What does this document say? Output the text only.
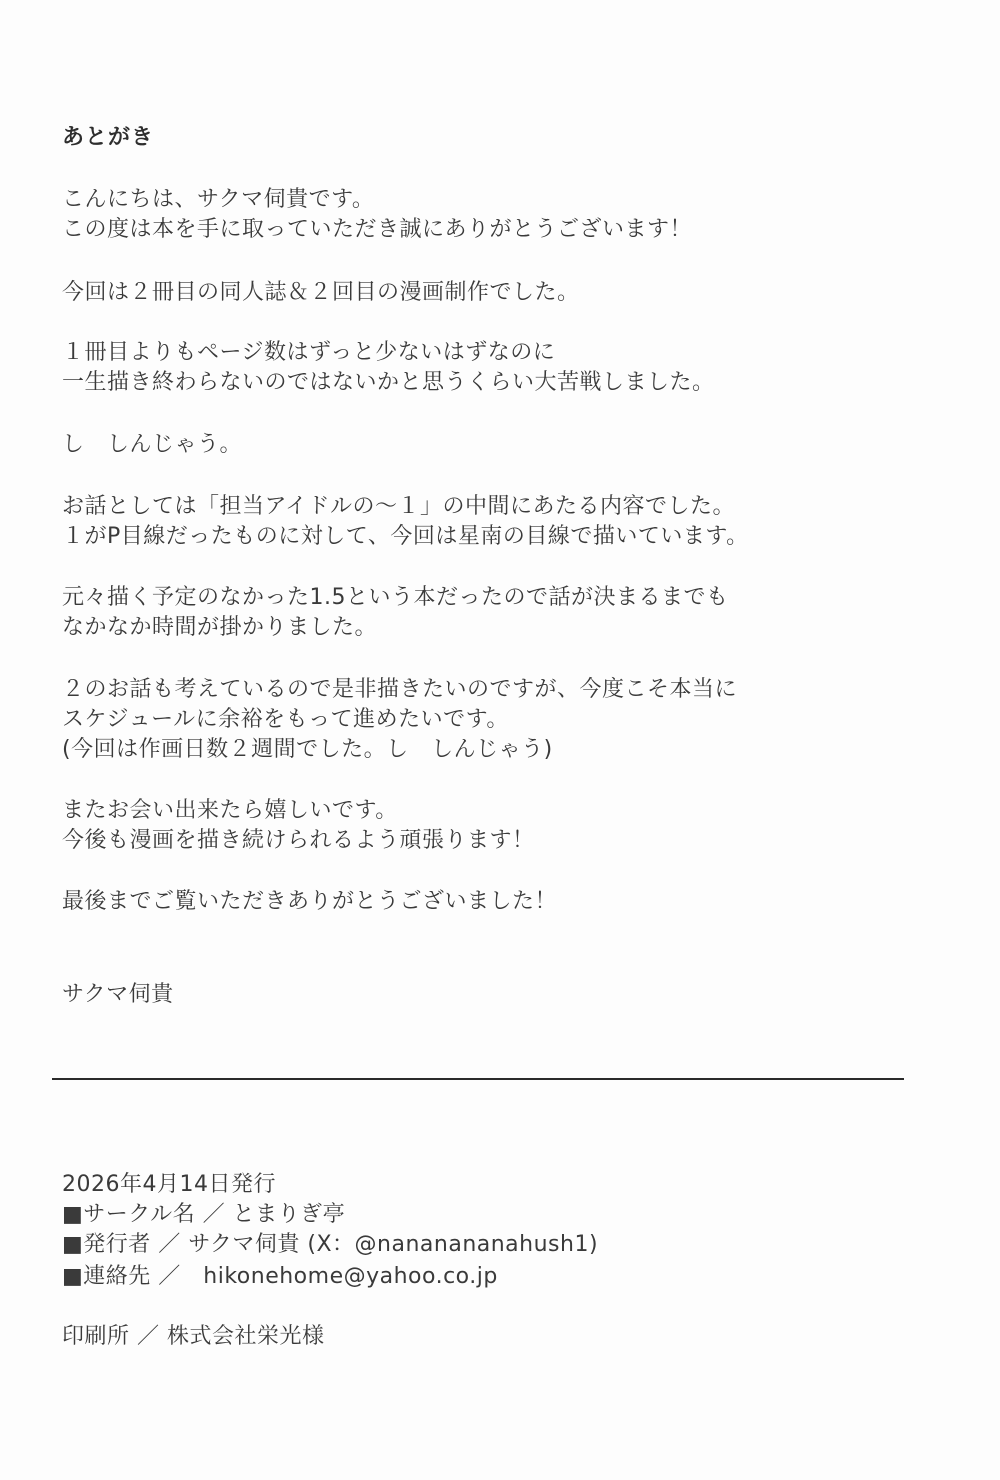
あとがき
こんにちは、サクマ伺貴です。
この度は本を手に取っていただき誠にありがとうございます！
今回は２冊目の同人誌＆２回目の漫画制作でした。
１冊目よりもページ数はずっと少ないはずなのに
一生描き終わらないのではないかと思うくらい大苦戦しました。
し　しんじゃう。
お話としては「担当アイドルの～１」の中間にあたる内容でした。
１がP目線だったものに対して、今回は星南の目線で描いています。
元々描く予定のなかった1.5という本だったので話が決まるまでも
なかなか時間が掛かりました。
２のお話も考えているので是非描きたいのですが、今度こそ本当に
スケジュールに余裕をもって進めたいです。
(今回は作画日数２週間でした。し　しんじゃう)
またお会い出来たら嬉しいです。
今後も漫画を描き続けられるよう頑張ります！
最後までご覧いただきありがとうございました！
サクマ伺貴
2026年4月14日発行
■サークル名 ／ とまりぎ亭
■発行者 ／ サクマ伺貴 (X：@nananananahush1)
■連絡先 ／　hikonehome@yahoo.co.jp
印刷所 ／ 株式会社栄光様
